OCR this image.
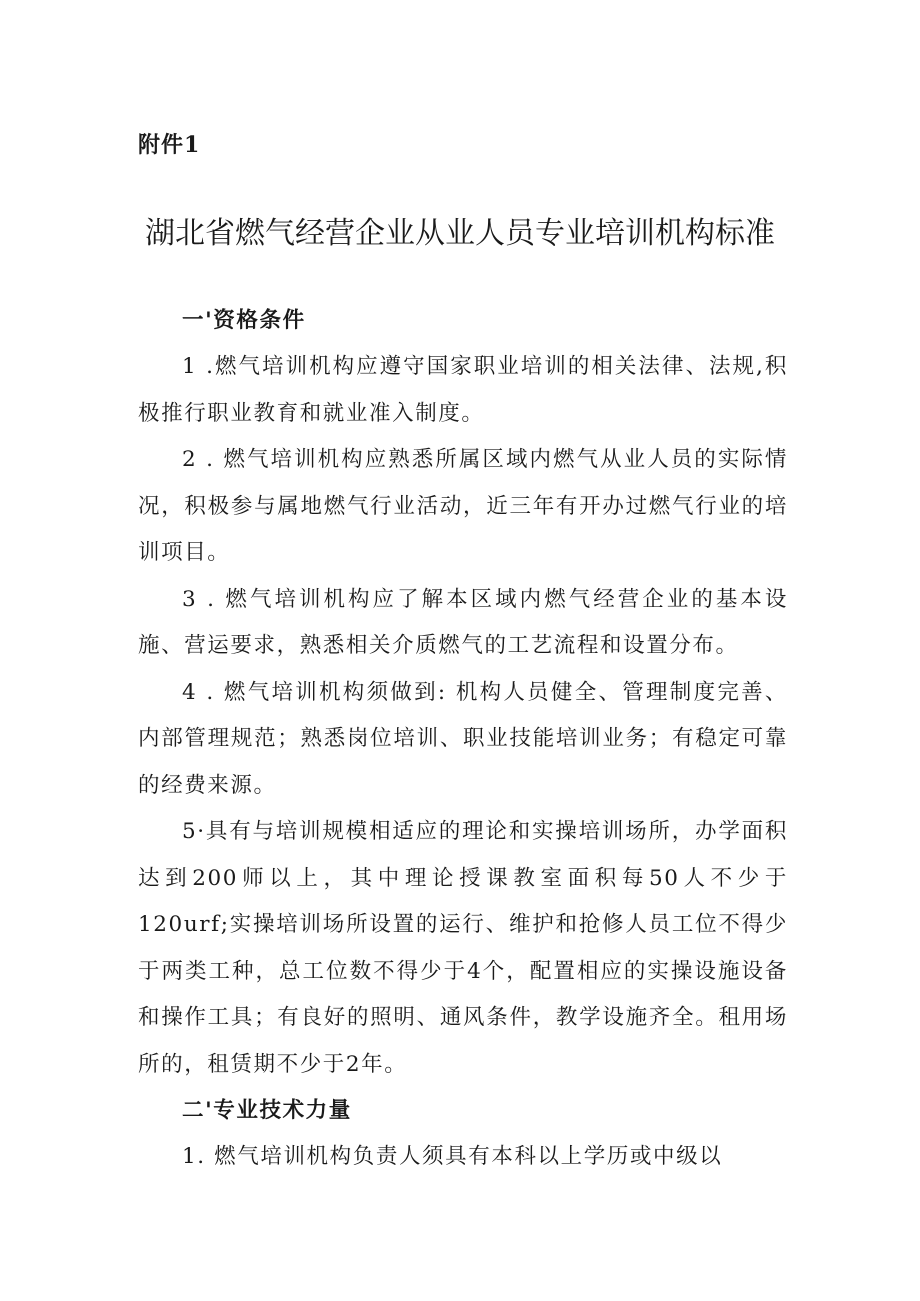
附件1

湖北省燃气经营企业从业人员专业培训机构标准

一'资格条件

1 .燃气培训机构应遵守国家职业培训的相关法律、法规,积极推行职业教育和就业准入制度。

2 . 燃气培训机构应熟悉所属区域内燃气从业人员的实际情况，积极参与属地燃气行业活动，近三年有开办过燃气行业的培训项目。

3 . 燃气培训机构应了解本区域内燃气经营企业的基本设施、营运要求，熟悉相关介质燃气的工艺流程和设置分布。

4 . 燃气培训机构须做到: 机构人员健全、管理制度完善、内部管理规范；熟悉岗位培训、职业技能培训业务；有稳定可靠的经费来源。

5·具有与培训规模相适应的理论和实操培训场所，办学面积达到200师以上，其中理论授课教室面积每50人不少于120urf;实操培训场所设置的运行、维护和抢修人员工位不得少于两类工种，总工位数不得少于4个，配置相应的实操设施设备和操作工具；有良好的照明、通风条件，教学设施齐全。租用场所的，租赁期不少于2年。

二'专业技术力量

1. 燃气培训机构负责人须具有本科以上学历或中级以
